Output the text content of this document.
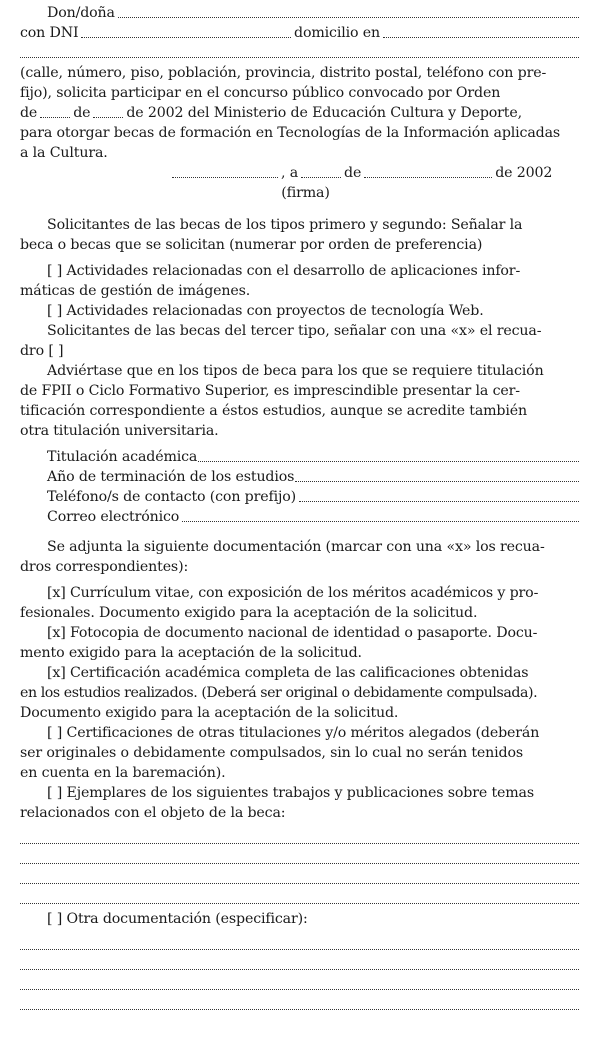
Don/doña
con DNI	domicilio en
(calle, número, piso, población, provincia, distrito postal, teléfono con pre-
fijo), solicita participar en el concurso público convocado por Orden
de	de	de 2002 del Ministerio de Educación Cultura y Deporte,
para otorgar becas de formación en Tecnologías de la Información aplicadas
a la Cultura.
, a	de	de 2002
(firma)
Solicitantes de las becas de los tipos primero y segundo: Señalar la
beca o becas que se solicitan (numerar por orden de preferencia)
[ ] Actividades relacionadas con el desarrollo de aplicaciones infor-
máticas de gestión de imágenes.
[ ] Actividades relacionadas con proyectos de tecnología Web.
Solicitantes de las becas del tercer tipo, señalar con una «x» el recua-
dro [ ]
Adviértase que en los tipos de beca para los que se requiere titulación
de FPII o Ciclo Formativo Superior, es imprescindible presentar la cer-
tificación correspondiente a éstos estudios, aunque se acredite también
otra titulación universitaria.
Titulación académica
Año de terminación de los estudios
Teléfono/s de contacto (con prefijo)
Correo electrónico
Se adjunta la siguiente documentación (marcar con una «x» los recua-
dros correspondientes):
[x] Currículum vitae, con exposición de los méritos académicos y pro-
fesionales. Documento exigido para la aceptación de la solicitud.
[x] Fotocopia de documento nacional de identidad o pasaporte. Docu-
mento exigido para la aceptación de la solicitud.
[x] Certificación académica completa de las calificaciones obtenidas
en los estudios realizados. (Deberá ser original o debidamente compulsada).
Documento exigido para la aceptación de la solicitud.
[ ] Certificaciones de otras titulaciones y/o méritos alegados (deberán
ser originales o debidamente compulsados, sin lo cual no serán tenidos
en cuenta en la baremación).
[ ] Ejemplares de los siguientes trabajos y publicaciones sobre temas
relacionados con el objeto de la beca:
[ ] Otra documentación (especificar):
